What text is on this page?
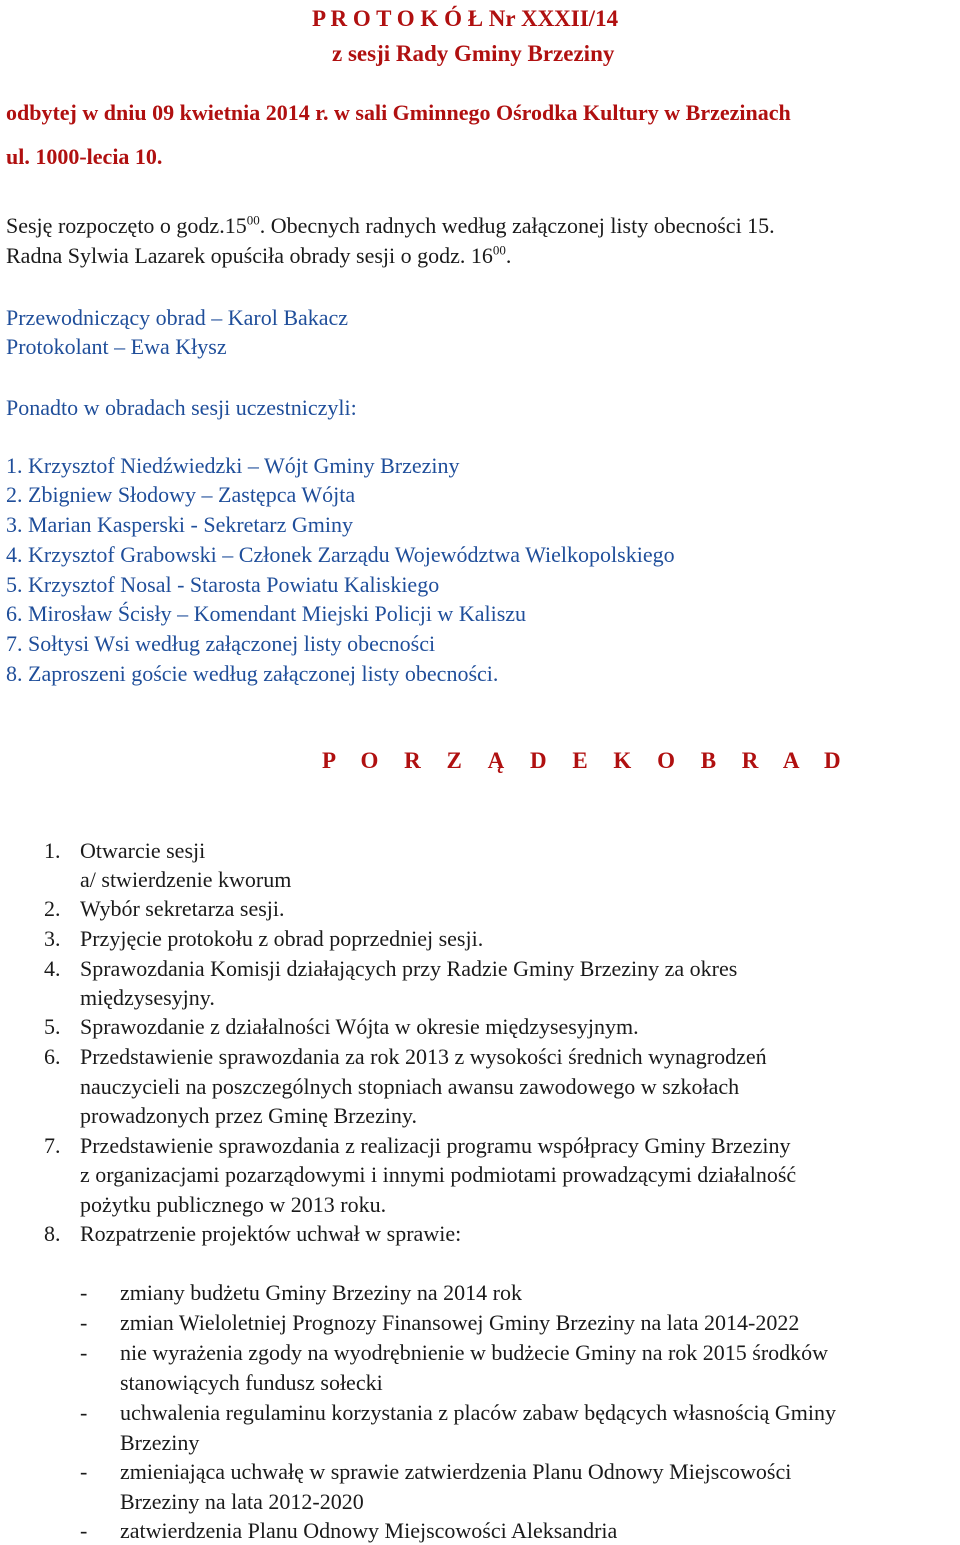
P R O T O K Ó Ł Nr XXXII/14
z sesji Rady Gminy Brzeziny
odbytej w dniu 09 kwietnia 2014 r. w sali Gminnego Ośrodka Kultury w Brzezinach
ul. 1000-lecia 10.
Sesję rozpoczęto o $godz.15^{00}$. Obecnych radnych według załączonej listy obecności 15.
Radna Sylwia Lazarek opuściła obrady sesji o godz. $16^{00}$.
Przewodniczący obrad – Karol Bakacz
Protokolant – Ewa Kłysz
Ponadto w obradach sesji uczestniczyli:
1. Krzysztof Niedźwiedzki – Wójt Gminy Brzeziny
2. Zbigniew Słodowy – Zastępca Wójta
3. Marian Kasperski - Sekretarz Gminy
4. Krzysztof Grabowski – Członek Zarządu Województwa Wielkopolskiego
5. Krzysztof Nosal - Starosta Powiatu Kaliskiego
6. Mirosław Ścisły – Komendant Miejski Policji w Kaliszu
7. Sołtysi Wsi według załączonej listy obecności
8. Zaproszeni goście według załączonej listy obecności.
P O R Z Ą D E K O B R A D
1. Otwarcie sesji
a/ stwierdzenie kworum
2. Wybór sekretarza sesji.
3. Przyjęcie protokołu z obrad poprzedniej sesji.
4. Sprawozdania Komisji działających przy Radzie Gminy Brzeziny za okres
międzysesyjny.
5. Sprawozdanie z działalności Wójta w okresie międzysesyjnym.
6. Przedstawienie sprawozdania za rok 2013 z wysokości średnich wynagrodzeń
nauczycieli na poszczególnych stopniach awansu zawodowego w szkołach
prowadzonych przez Gminę Brzeziny.
7. Przedstawienie sprawozdania z realizacji programu współpracy Gminy Brzeziny
z organizacjami pozarządowymi i innymi podmiotami prowadzącymi działalność
pożytku publicznego w 2013 roku.
8. Rozpatrzenie projektów uchwał w sprawie:
- zmiany budżetu Gminy Brzeziny na 2014 rok
- zmian Wieloletniej Prognozy Finansowej Gminy Brzeziny na lata 2014-2022
- nie wyrażenia zgody na wyodrębnienie w budżecie Gminy na rok 2015 środków
stanowiących fundusz sołecki
- uchwalenia regulaminu korzystania z placów zabaw będących własnością Gminy
Brzeziny
- zmieniająca uchwałę w sprawie zatwierdzenia Planu Odnowy Miejscowości
Brzeziny na lata 2012-2020
- zatwierdzenia Planu Odnowy Miejscowości Aleksandria
